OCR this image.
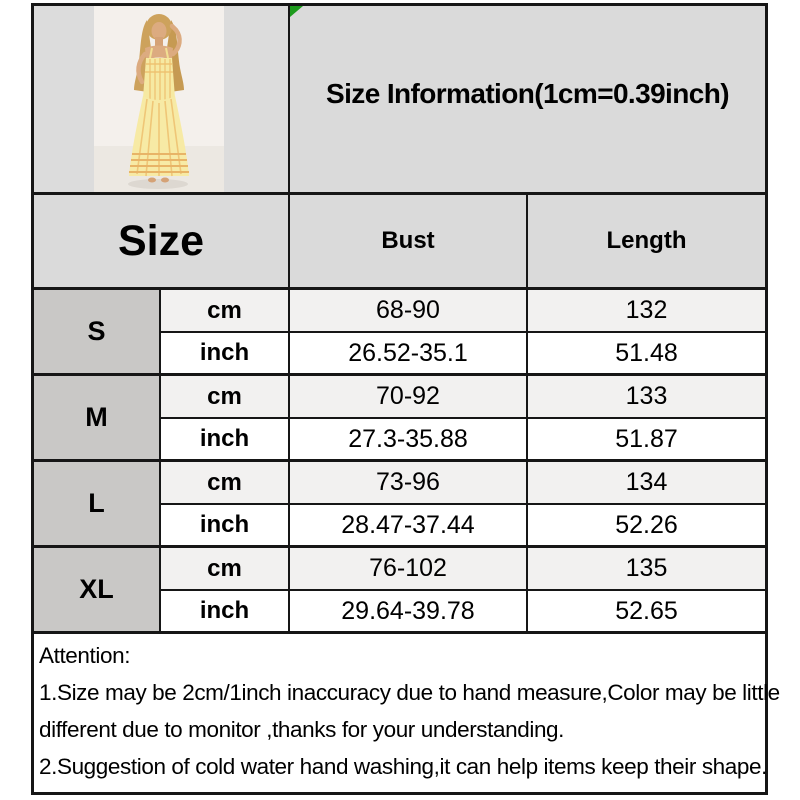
Size Information(1cm=0.39inch)
Size	Bust	Length
S
cm
inch
68-90
26.52-35.1
132
51.48
M
cm
inch
70-92
27.3-35.88
133
51.87
L
cm
inch
73-96
28.47-37.44
134
52.26
XL
cm
inch
76-102
29.64-39.78
135
52.65
Attention:
1.Size may be 2cm/1inch inaccuracy due to hand measure,Color may be little
different due to monitor ,thanks for your understanding.
2.Suggestion of cold water hand washing,it can help items keep their shape.
